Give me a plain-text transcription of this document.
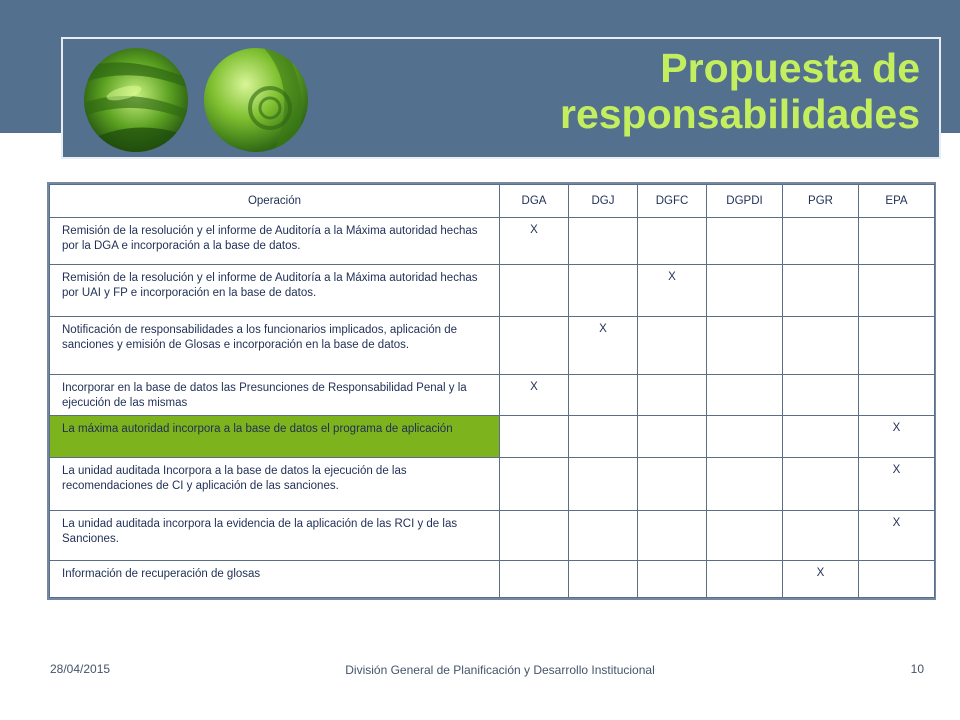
Propuesta de
responsabilidades
Operación	DGA	DGJ	DGFC	DGPDI	PGR	EPA
Remisión de la resolución y el informe de Auditoría a la Máxima autoridad hechas por la DGA e incorporación a la base de datos.	X					
Remisión de la resolución y el informe de Auditoría a la Máxima autoridad hechas por UAI y FP e incorporación en la base de datos.			X			
Notificación de responsabilidades a los funcionarios implicados, aplicación de sanciones y emisión de Glosas e incorporación en la base de datos.		X				
Incorporar en la base de datos las Presunciones de Responsabilidad Penal y la ejecución de las mismas	X					
La máxima autoridad incorpora a la base de datos el programa de aplicación						X
La unidad auditada Incorpora a la base de datos la ejecución de las recomendaciones de CI y aplicación de las sanciones.						X
La unidad auditada incorpora la evidencia de la aplicación de las RCI y de las Sanciones.						X
Información de recuperación de glosas					X	
28/04/2015	División General de Planificación y Desarrollo Institucional	10
